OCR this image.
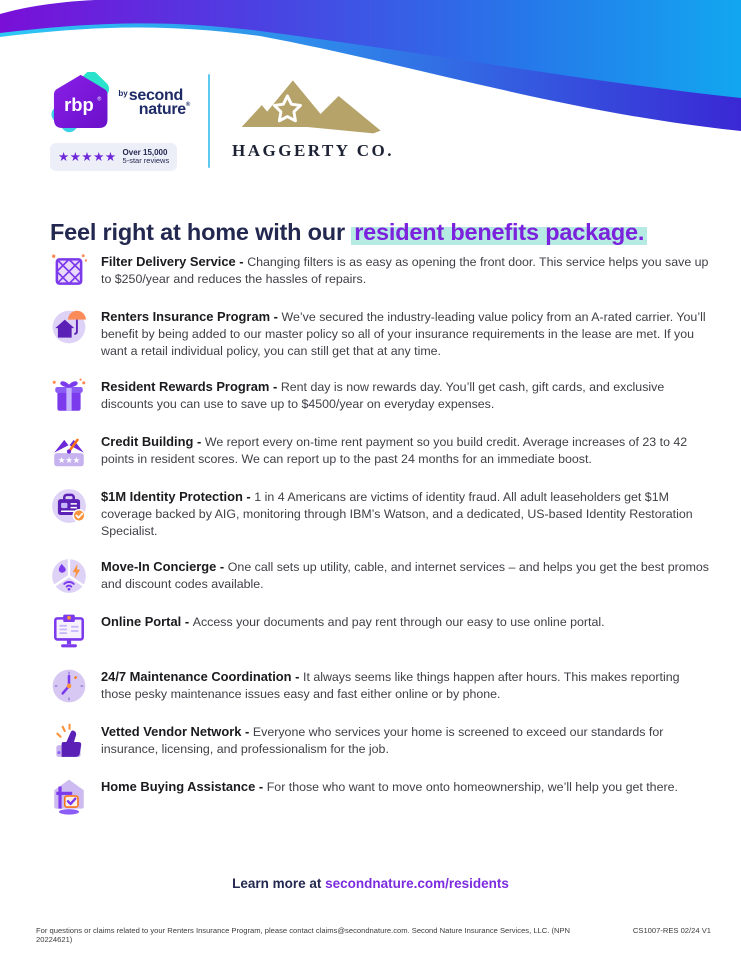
rbp ®
$^{by}$ second
nature®
★★★★★ Over 15,000
5-star reviews
HAGGERTY CO.
Feel right at home with our resident benefits package.

Filter Delivery Service - Changing filters is as easy as opening the front door. This service helps you save up to $250/year and reduces the hassles of repairs.

Renters Insurance Program - We’ve secured the industry-leading value policy from an A-rated carrier. You’ll benefit by being added to our master policy so all of your insurance requirements in the lease are met. If you want a retail individual policy, you can still get that at any time.

Resident Rewards Program - Rent day is now rewards day. You’ll get cash, gift cards, and exclusive discounts you can use to save up to $4500/year on everyday expenses.

★ ★ ★

Credit Building - We report every on-time rent payment so you build credit. Average increases of 23 to 42 points in resident scores. We can report up to the past 24 months for an immediate boost.

$1M Identity Protection - 1 in 4 Americans are victims of identity fraud. All adult leaseholders get $1M coverage backed by AIG, monitoring through IBM’s Watson, and a dedicated, US-based Identity Restoration Specialist.

Move-In Concierge - One call sets up utility, cable, and internet services – and helps you get the best promos and discount codes available.

Online Portal - Access your documents and pay rent through our easy to use online portal.

24/7 Maintenance Coordination - It always seems like things happen after hours. This makes reporting those pesky maintenance issues easy and fast either online or by phone.

Vetted Vendor Network - Everyone who services your home is screened to exceed our standards for insurance, licensing, and professionalism for the job.

Home Buying Assistance - For those who want to move onto homeownership, we’ll help you get there.

Learn more at secondnature.com/residents
For questions or claims related to your Renters Insurance Program, please contact claims@secondnature.com. Second Nature Insurance Services, LLC. (NPN 20224621)
CS1007-RES 02/24 V1
